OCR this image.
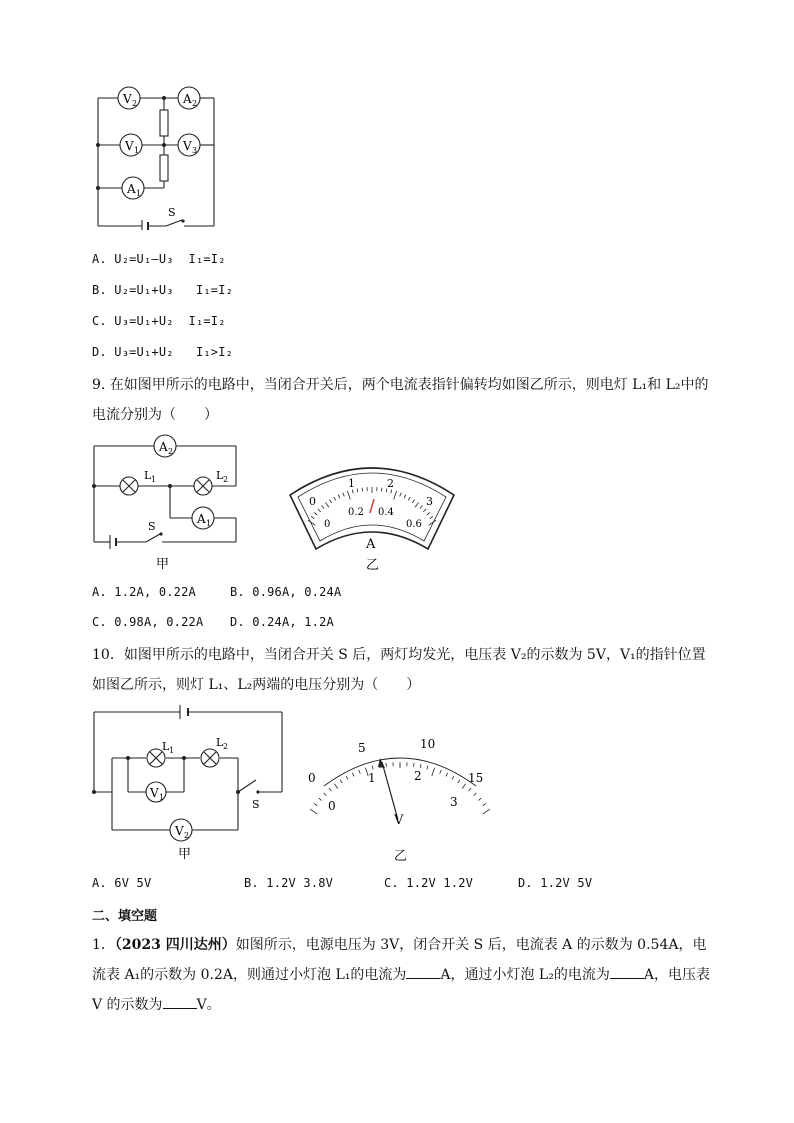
V 2	A 2
V 1	V 3
A 1
S
A. U₂=U₁—U₃  I₁=I₂
B. U₂=U₁+U₃   I₁=I₂
C. U₃=U₁+U₂  I₁=I₂
D. U₃=U₁+U₂   I₁>I₂
9. 在如图甲所示的电路中，当闭合开关后，两个电流表指针偏转均如图乙所示，则电灯 L₁和 L₂中的电流分别为（　　）
A 2
L 1	L 2
A 1
S
甲
0
1	2
3
0
0.2 0.4
0.6
A
乙
A. 1.2A, 0.22A	B. 0.96A, 0.24A
C. 0.98A, 0.22A D. 0.24A, 1.2A
10．如图甲所示的电路中，当闭合开关 S 后，两灯均发光，电压表 V₂的示数为 5V，V₁的指针位置如图乙所示，则灯 L₁、L₂两端的电压分别为（　　）
L 1
L 2
V 1
V 2
S
甲
0
5	10
15
0
1	2
3
V
乙
A. 6V 5V	B. 1.2V 3.8V	C. 1.2V 1.2V	D. 1.2V 5V
二、填空题
1．（2023 四川达州）如图所示，电源电压为 3V，闭合开关 S 后，电流表 A 的示数为 0.54A，电流表 A₁的示数为 0.2A，则通过小灯泡 L₁的电流为 A，通过小灯泡 L₂的电流为 A，电压表 V 的示数为 V。
